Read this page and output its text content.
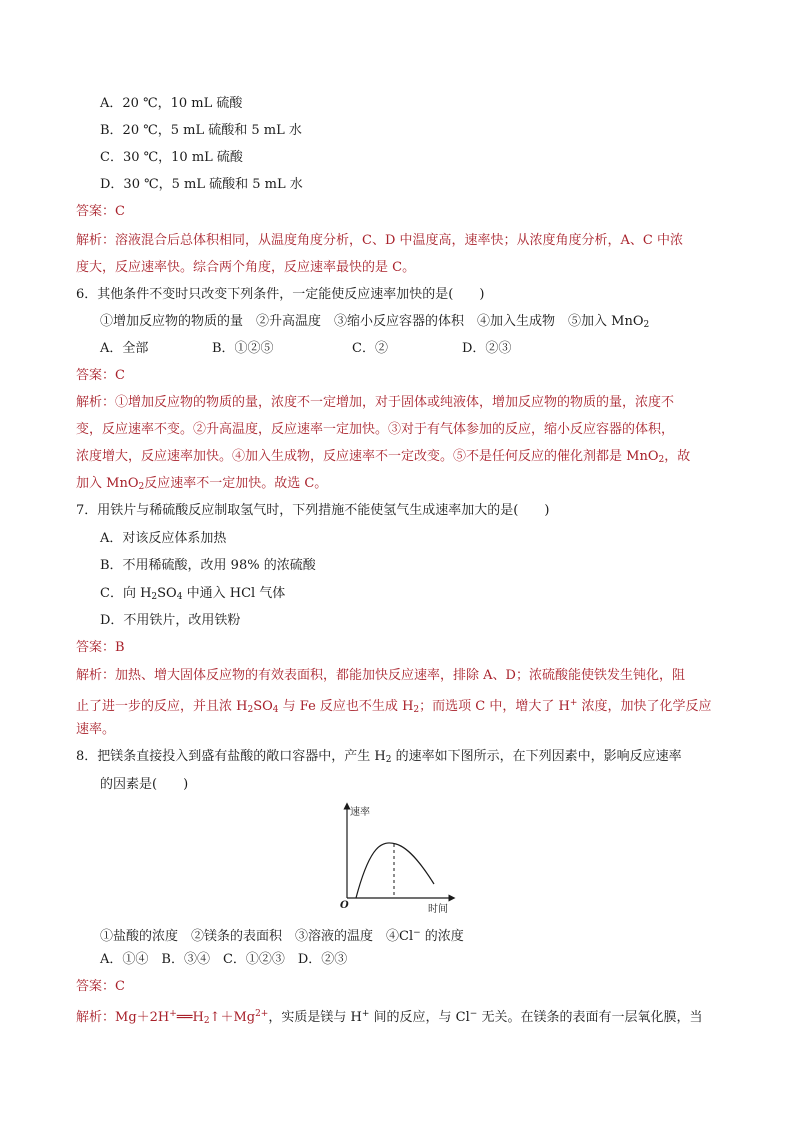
A．20 ℃，10 mL 硫酸
B．20 ℃，5 mL 硫酸和 5 mL 水
C．30 ℃，10 mL 硫酸
D．30 ℃，5 mL 硫酸和 5 mL 水
答案：C
解析：溶液混合后总体积相同，从温度角度分析，C、D 中温度高，速率快；从浓度角度分析，A、C 中浓
度大，反应速率快。综合两个角度，反应速率最快的是 C。
6．其他条件不变时只改变下列条件，一定能使反应速率加快的是(　　)
①增加反应物的物质的量　②升高温度　③缩小反应容器的体积　④加入生成物　⑤加入 MnO$_2$
A．全部	B．①②⑤	C．②	D．②③
答案：C
解析：①增加反应物的物质的量，浓度不一定增加，对于固体或纯液体，增加反应物的物质的量，浓度不
变，反应速率不变。②升高温度，反应速率一定加快。③对于有气体参加的反应，缩小反应容器的体积，
浓度增大，反应速率加快。④加入生成物，反应速率不一定改变。⑤不是任何反应的催化剂都是 MnO$_2$，故
加入 MnO$_2$反应速率不一定加快。故选 C。
7．用铁片与稀硫酸反应制取氢气时，下列措施不能使氢气生成速率加大的是(　　)
A．对该反应体系加热
B．不用稀硫酸，改用 98% 的浓硫酸
C．向 $H_2SO_4$ 中通入 HCl 气体
D．不用铁片，改用铁粉
答案：B
解析：加热、增大固体反应物的有效表面积，都能加快反应速率，排除 A、D；浓硫酸能使铁发生钝化，阻
止了进一步的反应，并且浓 $H_2SO_4$ 与 Fe 反应也不生成 $H_2$；而选项 C 中，增大了 H+ 浓度，加快了化学反应
速率。
8．把镁条直接投入到盛有盐酸的敞口容器中，产生 $H_2$ 的速率如下图所示，在下列因素中，影响反应速率
的因素是(　　)
速率
时间
O
①盐酸的浓度　②镁条的表面积　③溶液的温度　④Cl− 的浓度
A．①④　B．③④　C．①②③　D．②③
答案：C
解析：$Mg+2H^+══H_2↑+Mg^{2+}$，实质是镁与 H+ 间的反应，与 Cl− 无关。在镁条的表面有一层氧化膜，当
